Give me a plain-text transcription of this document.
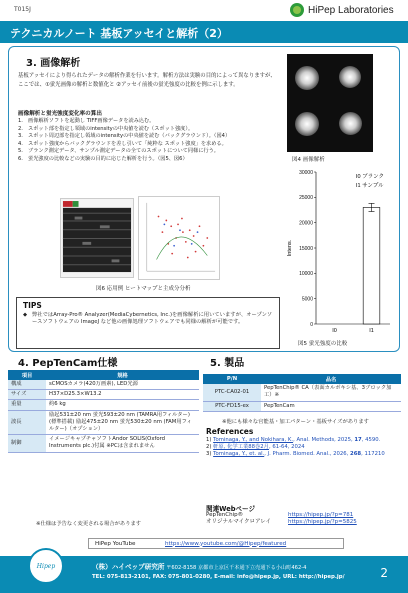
T015J	HiPep Laboratories
テクニカルノート 基板アッセイと解析（2）
3. 画像解析
基板アッセイにより得られたデータの解析作業を行います。解析方法は実験の目的によって異なりますが、ここでは、①蛍光画像の解析と数値化と ②アッセイ前後の蛍光強度の比較を例に示します。
画像解析と蛍光強度変化率の算出
1. 画像解析ソフトを起動し TIFF画像データを読み込む。
2. スポット部を指定し領域のintensityの中央値を読む（スポット強度）。
3. スポット周辺部を指定し領域のintensityの中央値を読む（バックグラウンド）。（図4）
4. スポット強度からバックグラウンドを差し引いて「純粋な スポット強度」を求める。
5. ブランク測定データ、サンプル測定データの全てのスポットについて同様に行う。
6. 蛍光強度の比較などの実験の目的に応じた解析を行う。（図5、図6）	図4 画像解析
0
5000
10000
15000
20000
25000
30000
Intens.
I0	I1
I0 ブランク
I1 サンプル
図5 蛍光強度の比較
図6 応用例 ヒートマップと主成分分析
TIPS
◆ 弊社ではArray-Pro® Analyzer(MediaCybernetics, Inc.)を画像解析に用いていますが、オープンソースソフトウェアの ImageJ など他の画像処理ソフトウェアでも同様の解析が可能です。
4. PepTenCam仕様
項目	規格
構成	sCMOSカメラ(420万画素), LED光源
サイズ	H37×D25.3×W13.2
重量	約6 kg
波長	励起531±20 nm 蛍光593±20 nm (TAMRA用フィルター)(標準搭載) 励起475±20 nm 蛍光530±20 nm (FAM用フィルター)（オプション）
制御	イメージキャプチャソフトAndor SOLIS(Oxford Instruments plc.)付属 ※PCは含まれません
※仕様は予告なく変更される場合があります
5. 製品
P/N	品名
PTC-CA02-01	PepTenChip® CA（表面カルボキシ基、3ブロック加工）※
PTC-FD15-ex	PepTenCam
※他にも様々な官能基・加工パターン・基板サイズがあります
References
1) Tominaga, Y., and Nokihara, K., Anal. Methods, 2025, 17, 4590.
2) 軒原, 化学工業88巻2月, 61-64, 2024
3) Tominaga, Y., et. al., J. Pharm. Biomed. Anal., 2026, 268, 117210
関連Webページ
PepTenChip®	https://hipep.jp/?p=781
オリジナルマイクロアレイ	https://hipep.jp/?p=5825
HiPep YouTube	https://www.youtube.com/@Hipep/featured
Hipep	（株）ハイペップ研究所 〒602-8158 京都市上京区千本通下立売通下る小山町462-4
TEL: 075-813-2101, FAX: 075-801-0280, E-mail: info@hipep.jp, URL: http://hipep.jp/	2
